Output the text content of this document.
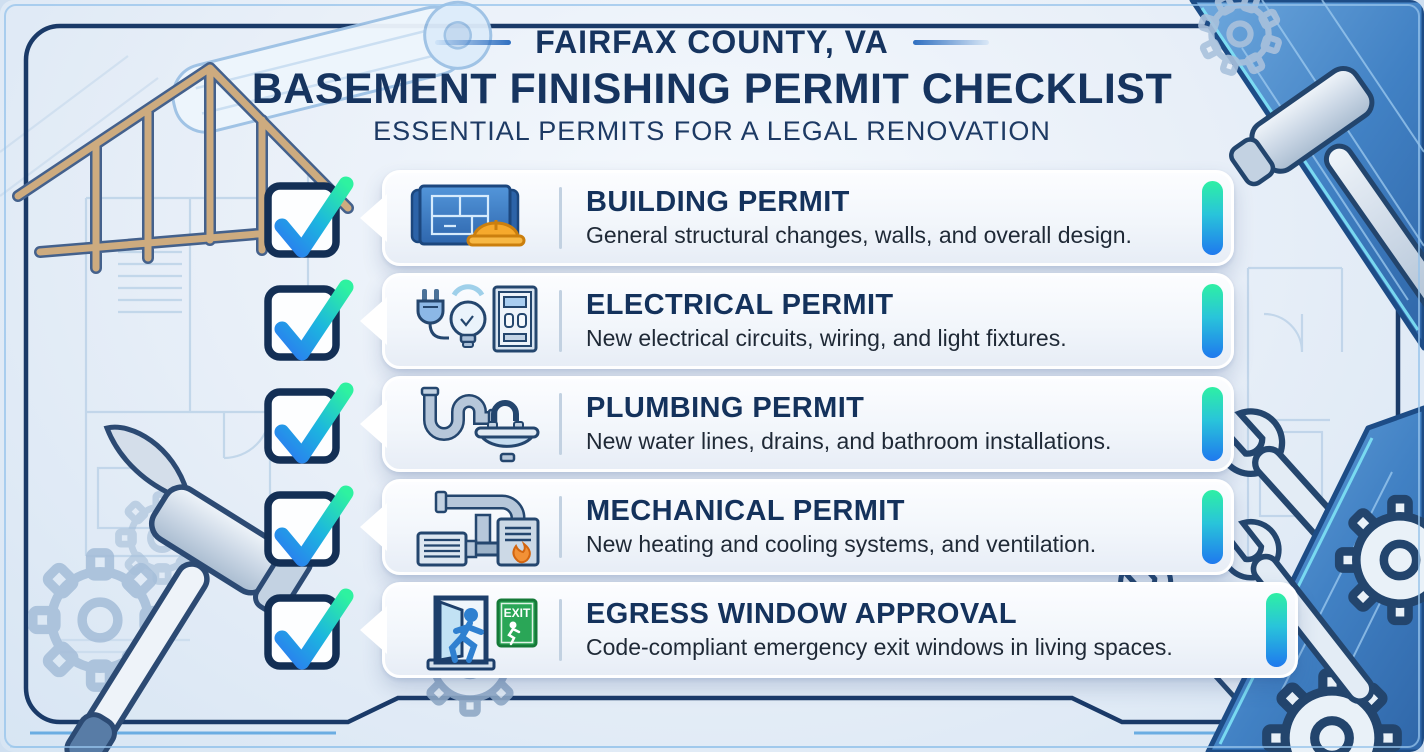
FAIRFAX COUNTY, VA
BASEMENT FINISHING PERMIT CHECKLIST
ESSENTIAL PERMITS FOR A LEGAL RENOVATION
BUILDING PERMIT
General structural changes, walls, and overall design.
ELECTRICAL PERMIT
New electrical circuits, wiring, and light fixtures.
PLUMBING PERMIT
New water lines, drains, and bathroom installations.
MECHANICAL PERMIT
New heating and cooling systems, and ventilation.
EXIT EGRESS WINDOW APPROVAL
Code-compliant emergency exit windows in living spaces.
